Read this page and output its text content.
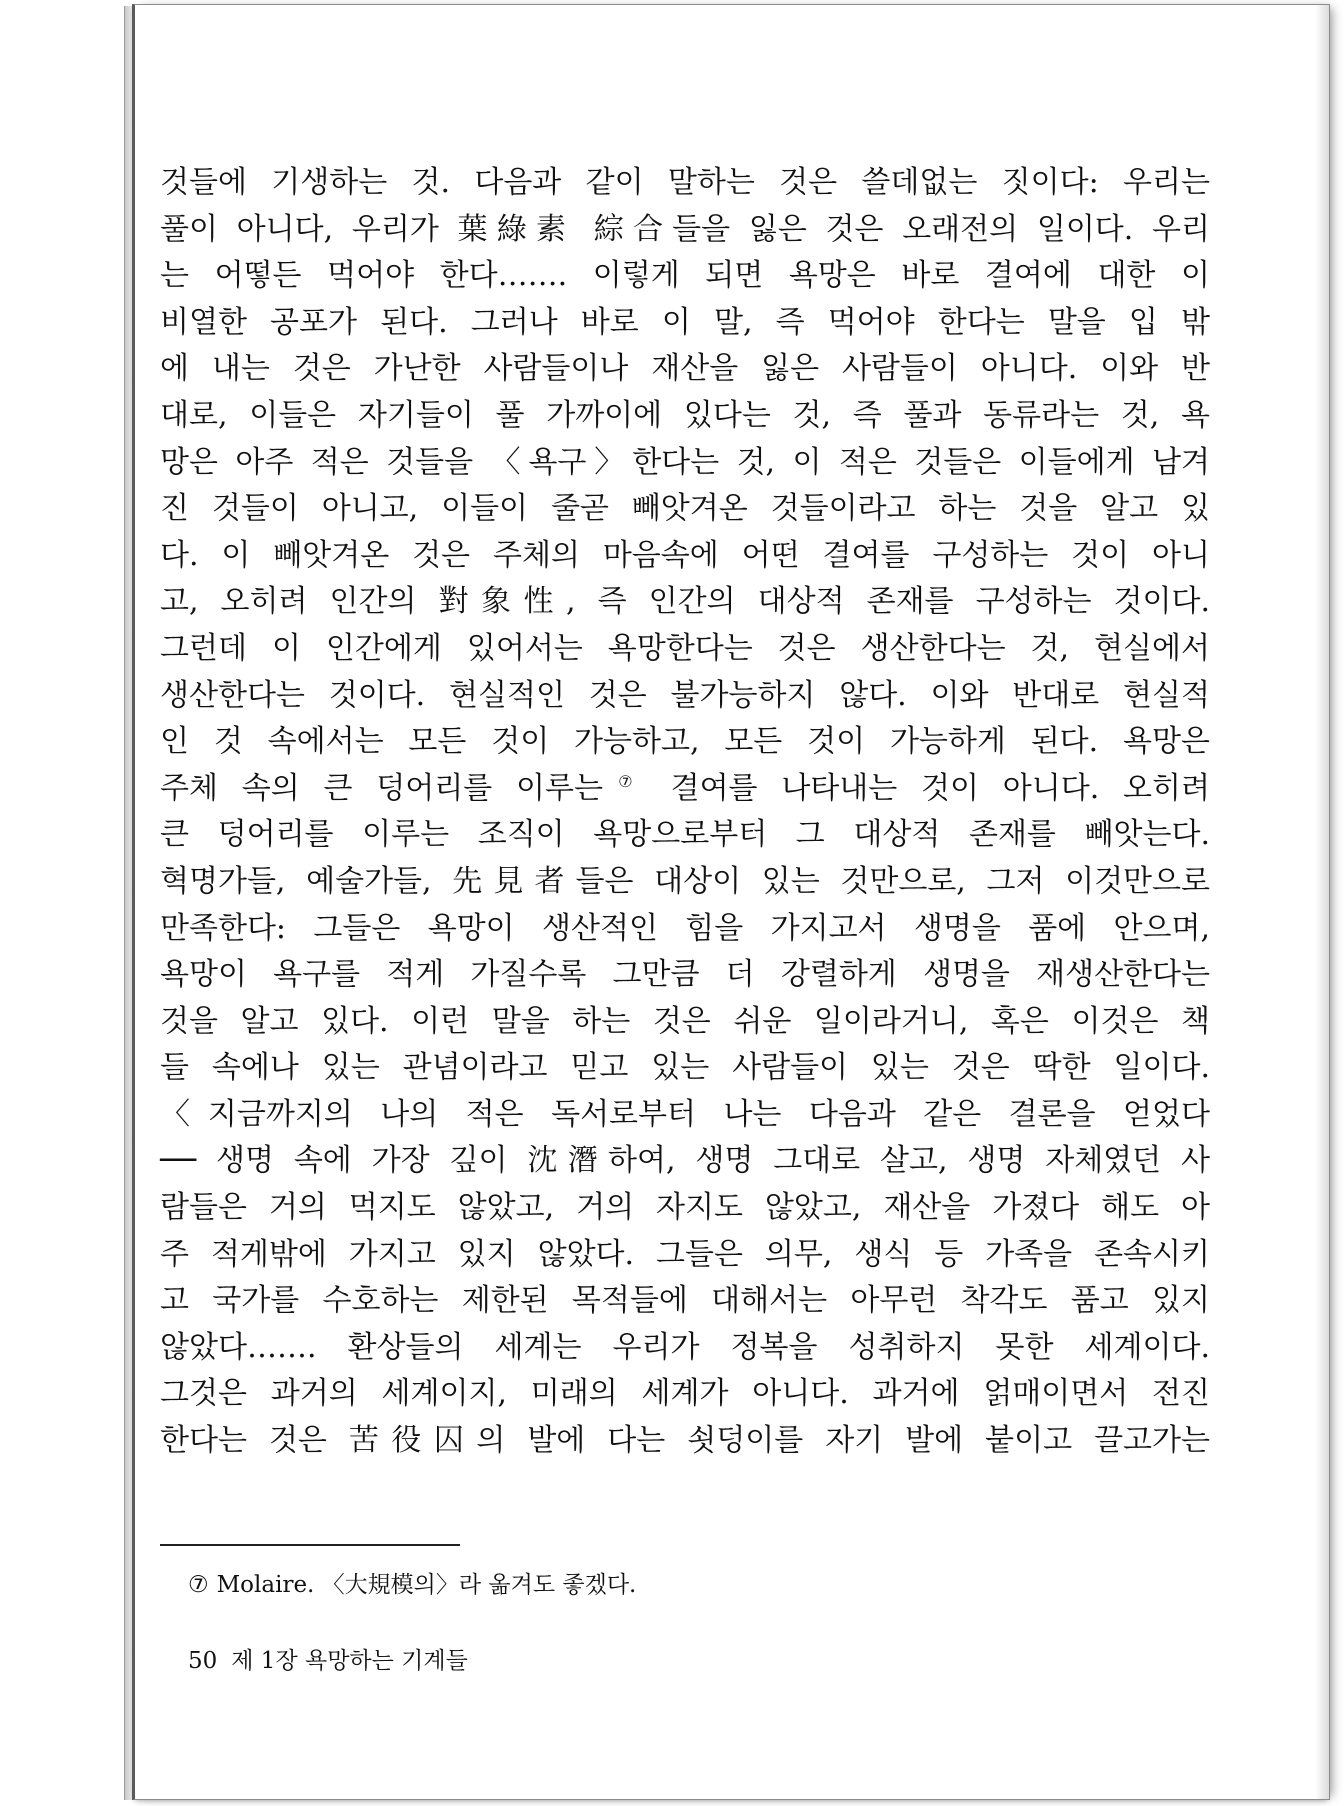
것들에 기생하는 것. 다음과 같이 말하는 것은 쓸데없는 짓이다: 우리는
풀이 아니다, 우리가 葉綠素 綜合들을 잃은 것은 오래전의 일이다. 우리
는 어떻든 먹어야 한다……. 이렇게 되면 욕망은 바로 결여에 대한 이
비열한 공포가 된다. 그러나 바로 이 말, 즉 먹어야 한다는 말을 입 밖
에 내는 것은 가난한 사람들이나 재산을 잃은 사람들이 아니다. 이와 반
대로, 이들은 자기들이 풀 가까이에 있다는 것, 즉 풀과 동류라는 것, 욕
망은 아주 적은 것들을 〈욕구〉한다는 것, 이 적은 것들은 이들에게 남겨
진 것들이 아니고, 이들이 줄곧 빼앗겨온 것들이라고 하는 것을 알고 있
다. 이 빼앗겨온 것은 주체의 마음속에 어떤 결여를 구성하는 것이 아니
고, 오히려 인간의 對象性, 즉 인간의 대상적 존재를 구성하는 것이다.
그런데 이 인간에게 있어서는 욕망한다는 것은 생산한다는 것, 현실에서
생산한다는 것이다. 현실적인 것은 불가능하지 않다. 이와 반대로 현실적
인 것 속에서는 모든 것이 가능하고, 모든 것이 가능하게 된다. 욕망은
주체 속의 큰 덩어리를 이루는⑦ 결여를 나타내는 것이 아니다. 오히려
큰 덩어리를 이루는 조직이 욕망으로부터 그 대상적 존재를 빼앗는다.
혁명가들, 예술가들, 先見者들은 대상이 있는 것만으로, 그저 이것만으로
만족한다: 그들은 욕망이 생산적인 힘을 가지고서 생명을 품에 안으며,
욕망이 욕구를 적게 가질수록 그만큼 더 강렬하게 생명을 재생산한다는
것을 알고 있다. 이런 말을 하는 것은 쉬운 일이라거니, 혹은 이것은 책
들 속에나 있는 관념이라고 믿고 있는 사람들이 있는 것은 딱한 일이다.
〈지금까지의 나의 적은 독서로부터 나는 다음과 같은 결론을 얻었다
── 생명 속에 가장 깊이 沈潛하여, 생명 그대로 살고, 생명 자체였던 사
람들은 거의 먹지도 않았고, 거의 자지도 않았고, 재산을 가졌다 해도 아
주 적게밖에 가지고 있지 않았다. 그들은 의무, 생식 등 가족을 존속시키
고 국가를 수호하는 제한된 목적들에 대해서는 아무런 착각도 품고 있지
않았다……. 환상들의 세계는 우리가 정복을 성취하지 못한 세계이다.
그것은 과거의 세계이지, 미래의 세계가 아니다. 과거에 얽매이면서 전진
한다는 것은 苦役囚의 발에 다는 쇳덩이를 자기 발에 붙이고 끌고가는
⑦ Molaire. 〈大規模의〉라 옮겨도 좋겠다.
50 제 1장 욕망하는 기계들
